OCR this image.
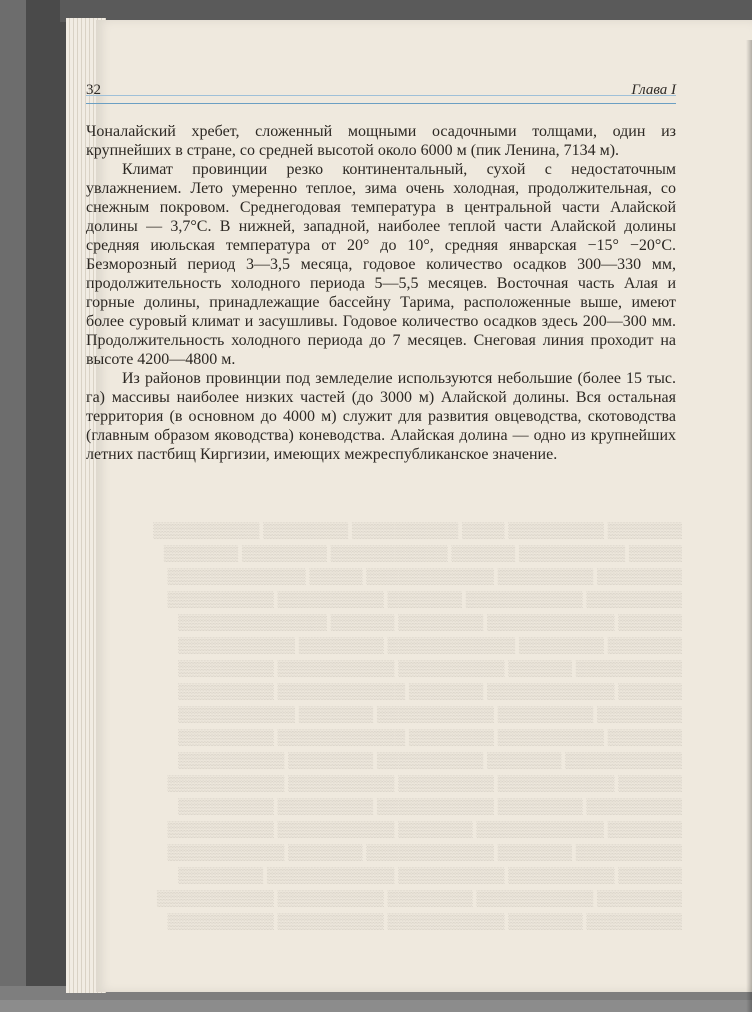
▒▒▒▒▒▒▒ ▒▒▒▒▒▒▒▒▒ ▒▒▒▒ ▒▒▒▒▒▒▒▒▒▒ ▒▒▒▒▒▒▒▒ ▒▒▒▒▒▒▒▒▒▒
▒▒▒▒▒ ▒▒▒▒▒▒▒▒▒▒ ▒▒▒▒▒▒ ▒▒▒▒▒▒▒▒▒▒▒ ▒▒▒▒▒▒▒▒ ▒▒▒▒▒▒▒
▒▒▒▒▒▒▒▒ ▒▒▒▒▒▒▒▒▒ ▒▒▒▒▒▒▒▒▒▒▒▒ ▒▒▒▒▒ ▒▒▒▒▒▒▒▒▒▒▒▒▒
▒▒▒▒▒▒▒▒▒ ▒▒▒▒▒▒▒▒▒▒▒ ▒▒▒▒▒▒▒ ▒▒▒▒▒▒▒▒▒▒ ▒▒▒▒▒▒▒▒▒▒
▒▒▒▒▒▒ ▒▒▒▒▒▒▒▒▒▒▒▒ ▒▒▒▒▒▒▒▒ ▒▒▒▒▒▒ ▒▒▒▒▒▒▒▒▒▒▒▒▒▒
▒▒▒▒▒▒▒ ▒▒▒▒▒▒▒▒ ▒▒▒▒▒▒▒▒▒▒▒▒ ▒▒▒▒▒▒▒▒ ▒▒▒▒▒▒▒▒▒▒▒
▒▒▒▒▒▒▒▒▒▒ ▒▒▒▒▒▒ ▒▒▒▒▒▒▒▒▒▒ ▒▒▒▒▒▒▒▒▒▒▒ ▒▒▒▒▒▒▒▒▒
▒▒▒▒▒▒ ▒▒▒▒▒▒▒▒▒▒▒▒ ▒▒▒▒▒▒▒ ▒▒▒▒▒▒▒▒▒▒▒▒ ▒▒▒▒▒▒▒▒▒
▒▒▒▒▒▒▒▒ ▒▒▒▒▒▒▒▒▒ ▒▒▒▒▒▒▒▒▒▒▒ ▒▒▒▒▒▒▒ ▒▒▒▒▒▒▒▒▒▒▒
▒▒▒▒▒▒▒ ▒▒▒▒▒▒▒▒▒▒ ▒▒▒▒▒▒▒▒ ▒▒▒▒▒▒▒▒▒▒▒▒ ▒▒▒▒▒▒▒▒▒
▒▒▒▒▒▒▒▒▒▒▒ ▒▒▒▒▒▒▒ ▒▒▒▒▒▒▒▒▒▒ ▒▒▒▒▒▒▒▒ ▒▒▒▒▒▒▒▒▒▒
▒▒▒▒▒▒ ▒▒▒▒▒▒▒▒▒▒▒ ▒▒▒▒▒▒▒▒▒ ▒▒▒▒▒▒▒▒▒▒ ▒▒▒▒▒▒▒▒▒▒▒
▒▒▒▒▒▒▒▒▒ ▒▒▒▒▒▒▒▒ ▒▒▒▒▒▒▒▒▒▒▒ ▒▒▒▒▒▒▒▒▒ ▒▒▒▒▒▒▒▒▒
▒▒▒▒▒▒▒ ▒▒▒▒▒▒▒▒▒▒▒▒ ▒▒▒▒▒▒▒ ▒▒▒▒▒▒▒▒▒▒▒ ▒▒▒▒▒▒▒▒▒▒
▒▒▒▒▒▒▒▒▒▒ ▒▒▒▒▒▒▒ ▒▒▒▒▒▒▒▒▒▒▒▒ ▒▒▒▒▒▒▒ ▒▒▒▒▒▒▒▒▒▒▒
▒▒▒▒▒▒ ▒▒▒▒▒▒▒▒▒▒ ▒▒▒▒▒▒▒▒▒▒ ▒▒▒▒▒▒▒▒▒▒▒▒ ▒▒▒▒▒▒▒▒
▒▒▒▒▒▒▒▒ ▒▒▒▒▒▒▒▒▒▒▒ ▒▒▒▒▒▒▒▒ ▒▒▒▒▒▒▒▒▒▒ ▒▒▒▒▒▒▒▒▒▒▒
▒▒▒▒▒▒▒▒▒ ▒▒▒▒▒▒▒ ▒▒▒▒▒▒▒▒▒▒▒ ▒▒▒▒▒▒▒▒▒▒ ▒▒▒▒▒▒▒▒▒▒
32	Глава I

Чоналайский хребет, сложенный мощными осадочными толщами, один из крупнейших в стране, со средней высотой около 6000 м (пик Ленина, 7134 м).

Климат провинции резко континентальный, сухой с недостаточным увлажнением. Лето умеренно теплое, зима очень холодная, продолжительная, со снежным покровом. Среднегодовая температура в центральной части Алайской долины — 3,7°С. В нижней, западной, наиболее теплой части Алайской долины средняя июльская температура от 20° до 10°, средняя январская −15° −20°С. Безморозный период 3—3,5 месяца, годовое количество осадков 300—330 мм, продолжительность холодного периода 5—5,5 месяцев. Восточная часть Алая и горные долины, принадлежащие бассейну Тарима, расположенные выше, имеют более суровый климат и засушливы. Годовое количество осадков здесь 200—300 мм. Продолжительность холодного периода до 7 месяцев. Снеговая линия проходит на высоте 4200—4800 м.

Из районов провинции под земледелие используются небольшие (более 15 тыс. га) массивы наиболее низких частей (до 3000 м) Алайской долины. Вся остальная территория (в основном до 4000 м) служит для развития овцеводства, скотоводства (главным образом яководства) коневодства. Алайская долина — одно из крупнейших летних пастбищ Киргизии, имеющих межреспубликанское значение.
